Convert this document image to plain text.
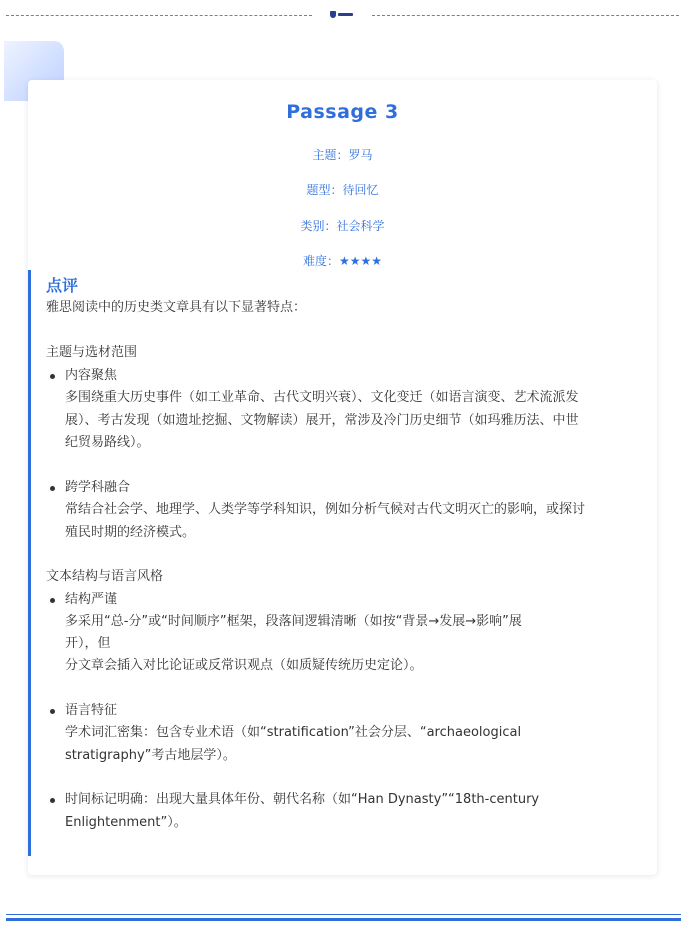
Passage 3
主题：罗马
题型：待回忆
类别：社会科学
难度：★★★★
点评
雅思阅读中的历史类文章具有以下显著特点：
主题与选材范围
内容聚焦
多围绕重大历史事件（如工业革命、古代文明兴衰）、文化变迁（如语言演变、艺术流派发
展）、考古发现（如遗址挖掘、文物解读）展开，常涉及冷门历史细节（如玛雅历法、中世
纪贸易路线）。
跨学科融合
常结合社会学、地理学、人类学等学科知识，例如分析气候对古代文明灭亡的影响，或探讨
殖民时期的经济模式。
文本结构与语言风格
结构严谨
多采用“总-分”或“时间顺序”框架，段落间逻辑清晰（如按“背景→发展→影响”展
开），但
分文章会插入对比论证或反常识观点（如质疑传统历史定论）。
语言特征
学术词汇密集：包含专业术语（如“stratification”社会分层、“archaeological
stratigraphy”考古地层学）。
时间标记明确：出现大量具体年份、朝代名称（如“Han Dynasty”“18th-century
Enlightenment”）。
